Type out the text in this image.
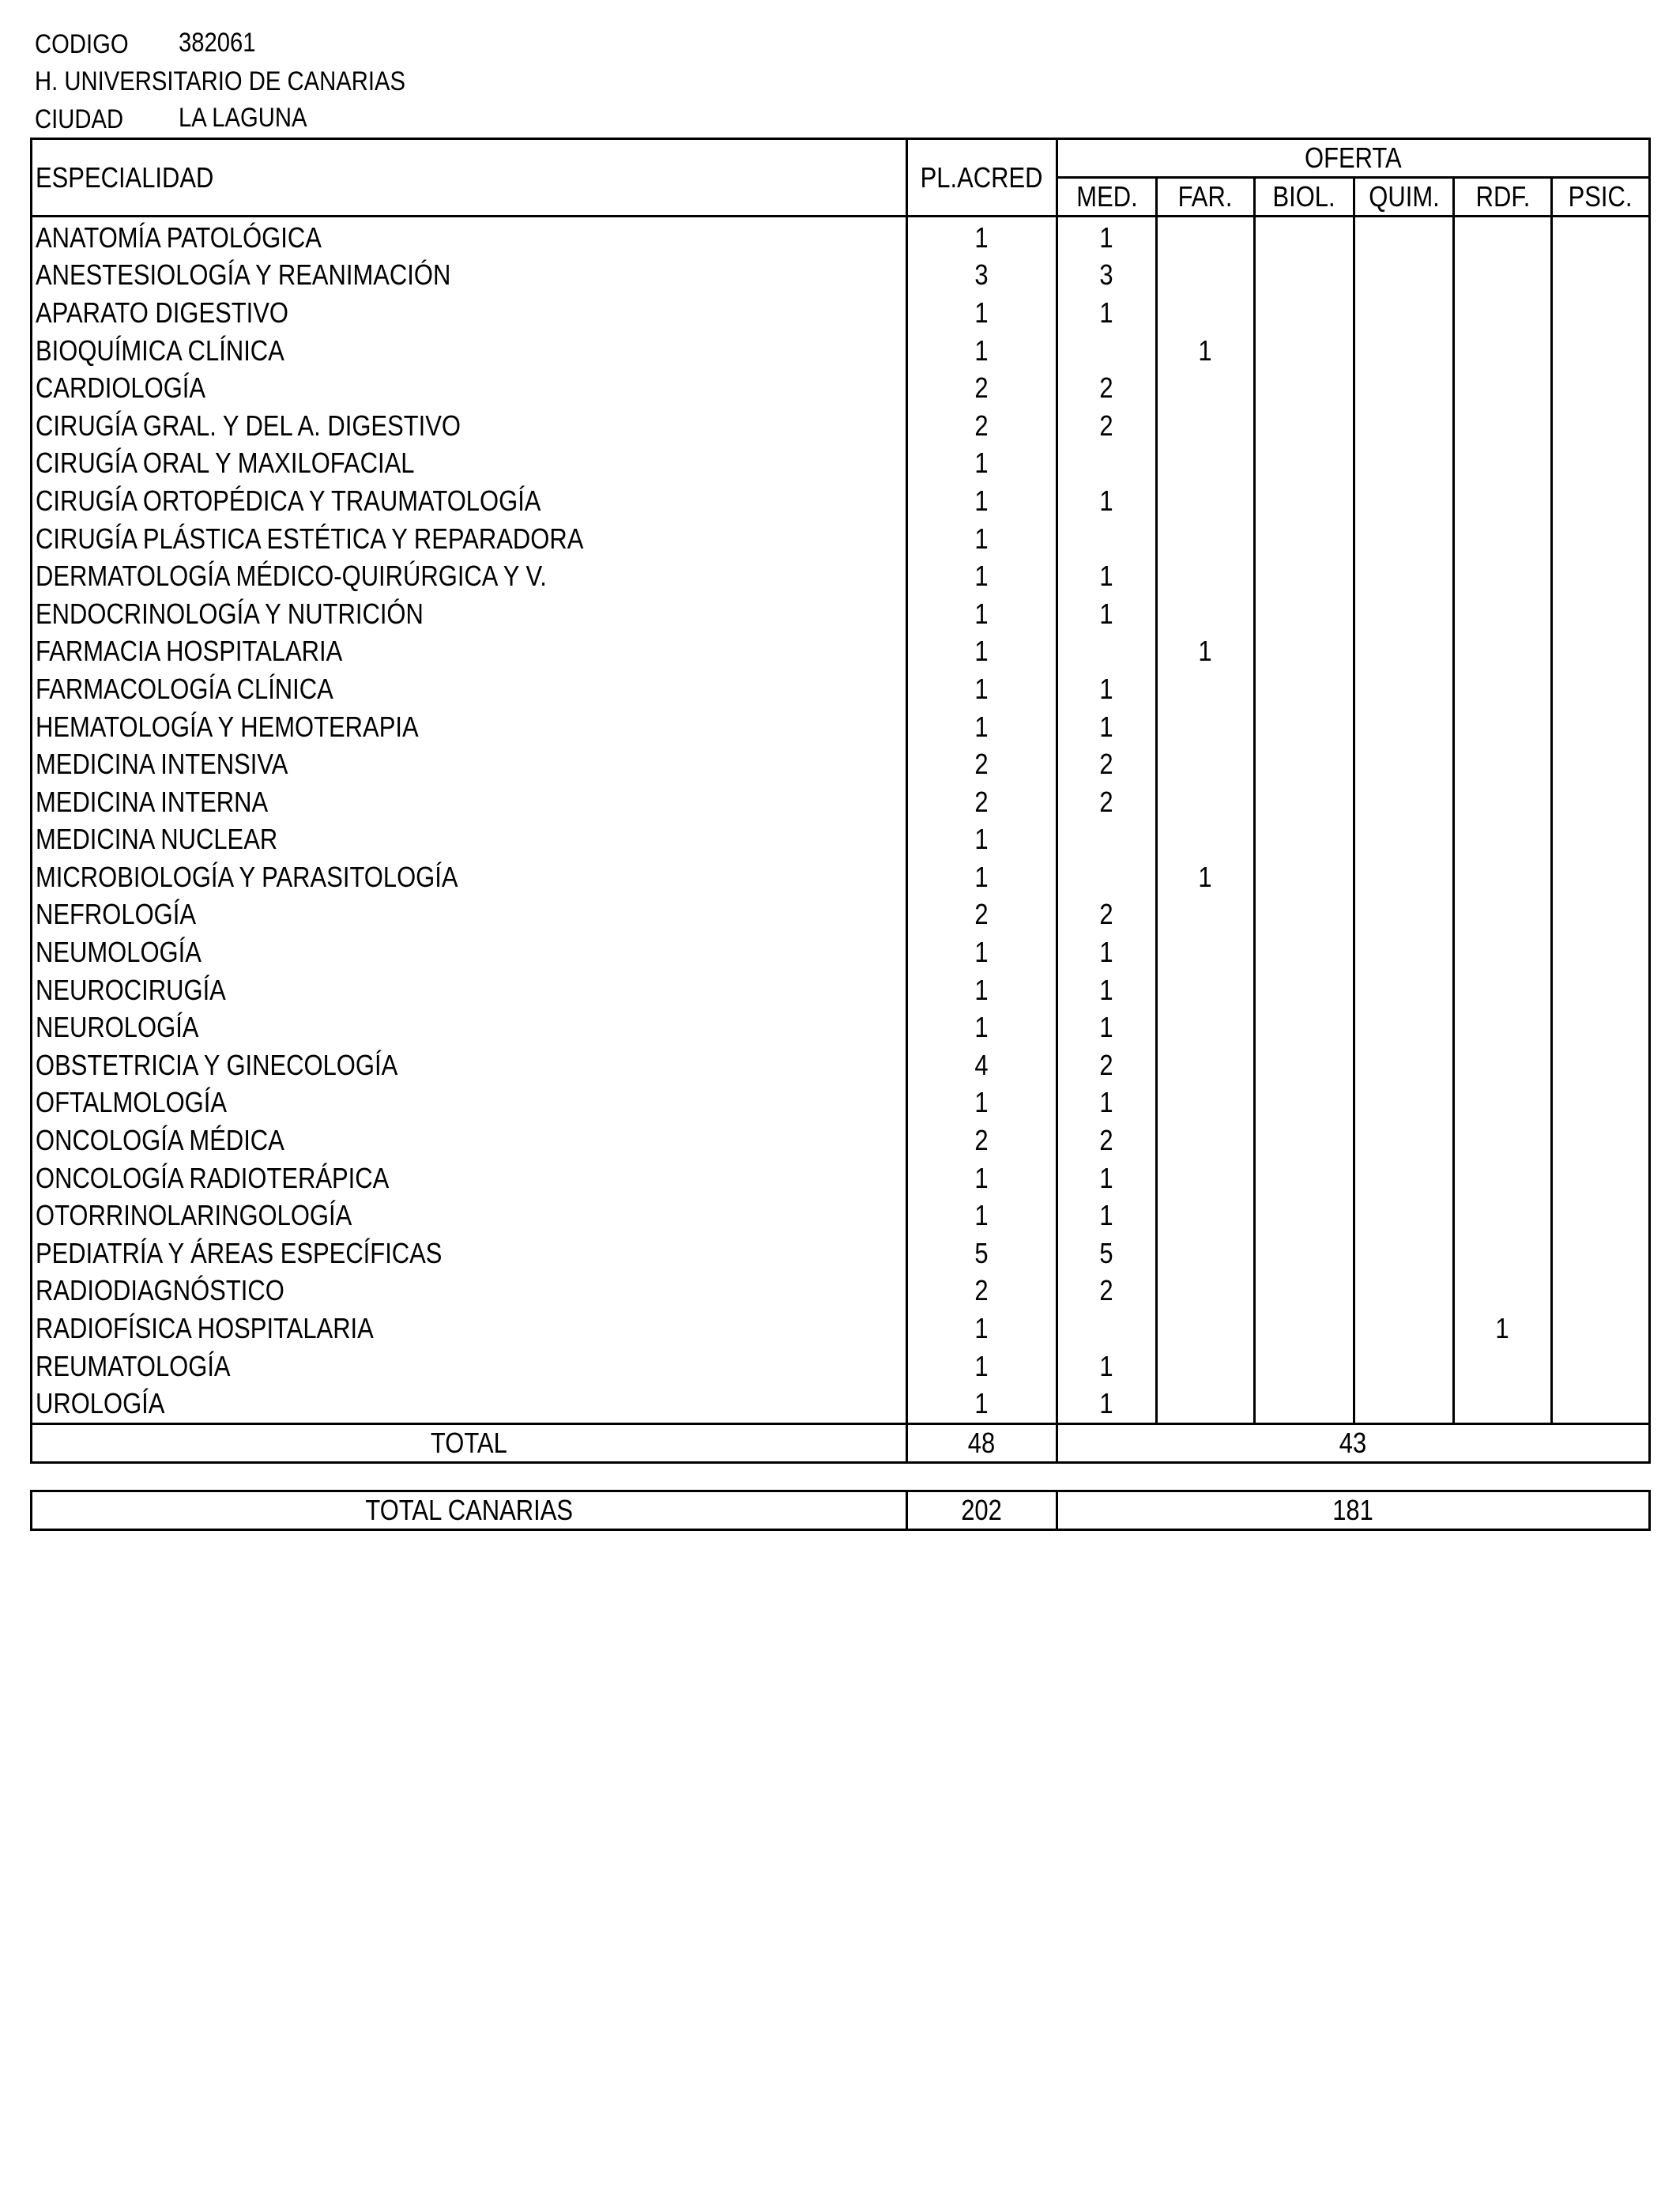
CODIGO 382061
H. UNIVERSITARIO DE CANARIAS
CIUDAD LA LAGUNA
ESPECIALIDAD	PL.ACRED	OFERTA					
		MED.	FAR.	BIOL.	QUIM.	RDF.	PSIC.
ANATOMÍA PATOLÓGICA	1	1					
ANESTESIOLOGÍA Y REANIMACIÓN	3	3					
APARATO DIGESTIVO	1	1					
BIOQUÍMICA CLÍNICA	1		1				
CARDIOLOGÍA	2	2					
CIRUGÍA GRAL. Y DEL A. DIGESTIVO	2	2					
CIRUGÍA ORAL Y MAXILOFACIAL	1						
CIRUGÍA ORTOPÉDICA Y TRAUMATOLOGÍA	1	1					
CIRUGÍA PLÁSTICA ESTÉTICA Y REPARADORA	1						
DERMATOLOGÍA MÉDICO-QUIRÚRGICA Y V.	1	1					
ENDOCRINOLOGÍA Y NUTRICIÓN	1	1					
FARMACIA HOSPITALARIA	1		1				
FARMACOLOGÍA CLÍNICA	1	1					
HEMATOLOGÍA Y HEMOTERAPIA	1	1					
MEDICINA INTENSIVA	2	2					
MEDICINA INTERNA	2	2					
MEDICINA NUCLEAR	1						
MICROBIOLOGÍA Y PARASITOLOGÍA	1		1				
NEFROLOGÍA	2	2					
NEUMOLOGÍA	1	1					
NEUROCIRUGÍA	1	1					
NEUROLOGÍA	1	1					
OBSTETRICIA Y GINECOLOGÍA	4	2					
OFTALMOLOGÍA	1	1					
ONCOLOGÍA MÉDICA	2	2					
ONCOLOGÍA RADIOTERÁPICA	1	1					
OTORRINOLARINGOLOGÍA	1	1					
PEDIATRÍA Y ÁREAS ESPECÍFICAS	5	5					
RADIODIAGNÓSTICO	2	2					
RADIOFÍSICA HOSPITALARIA	1					1	
REUMATOLOGÍA	1	1					
UROLOGÍA	1	1					
TOTAL	48	43					
TOTAL CANARIAS	202	181
